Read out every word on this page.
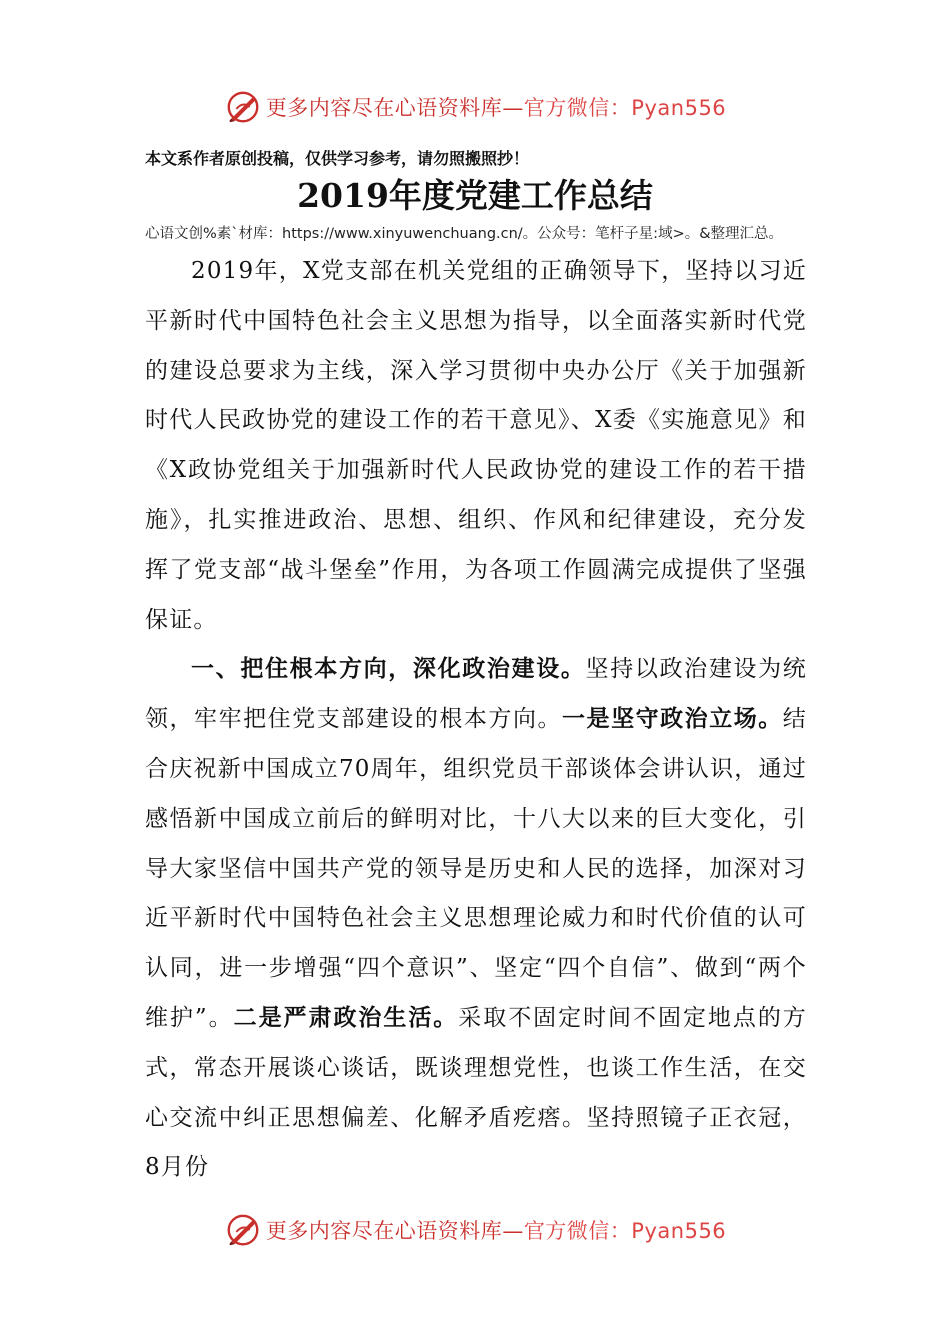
更多内容尽在心语资料库—官方微信：Pyan556
本文系作者原创投稿，仅供学习参考，请勿照搬照抄！
2019年度党建工作总结
心语文创%素`材库：https://www.xinyuwenchuang.cn/。公众号：笔杆子星:域>。&整理汇总。

2019年，X党支部在机关党组的正确领导下，坚持以习近平新时代中国特色社会主义思想为指导，以全面落实新时代党的建设总要求为主线，深入学习贯彻中央办公厅《关于加强新时代人民政协党的建设工作的若干意见》、X委《实施意见》和《X政协党组关于加强新时代人民政协党的建设工作的若干措施》，扎实推进政治、思想、组织、作风和纪律建设，充分发挥了党支部“战斗堡垒”作用，为各项工作圆满完成提供了坚强保证。

一、把住根本方向，深化政治建设。坚持以政治建设为统领，牢牢把住党支部建设的根本方向。一是坚守政治立场。结合庆祝新中国成立70周年，组织党员干部谈体会讲认识，通过感悟新中国成立前后的鲜明对比，十八大以来的巨大变化，引导大家坚信中国共产党的领导是历史和人民的选择，加深对习近平新时代中国特色社会主义思想理论威力和时代价值的认可认同，进一步增强“四个意识”、坚定“四个自信”、做到“两个维护”。二是严肃政治生活。采取不固定时间不固定地点的方式，常态开展谈心谈话，既谈理想党性，也谈工作生活，在交心交流中纠正思想偏差、化解矛盾疙瘩。坚持照镜子正衣冠，8月份

更多内容尽在心语资料库—官方微信：Pyan556
